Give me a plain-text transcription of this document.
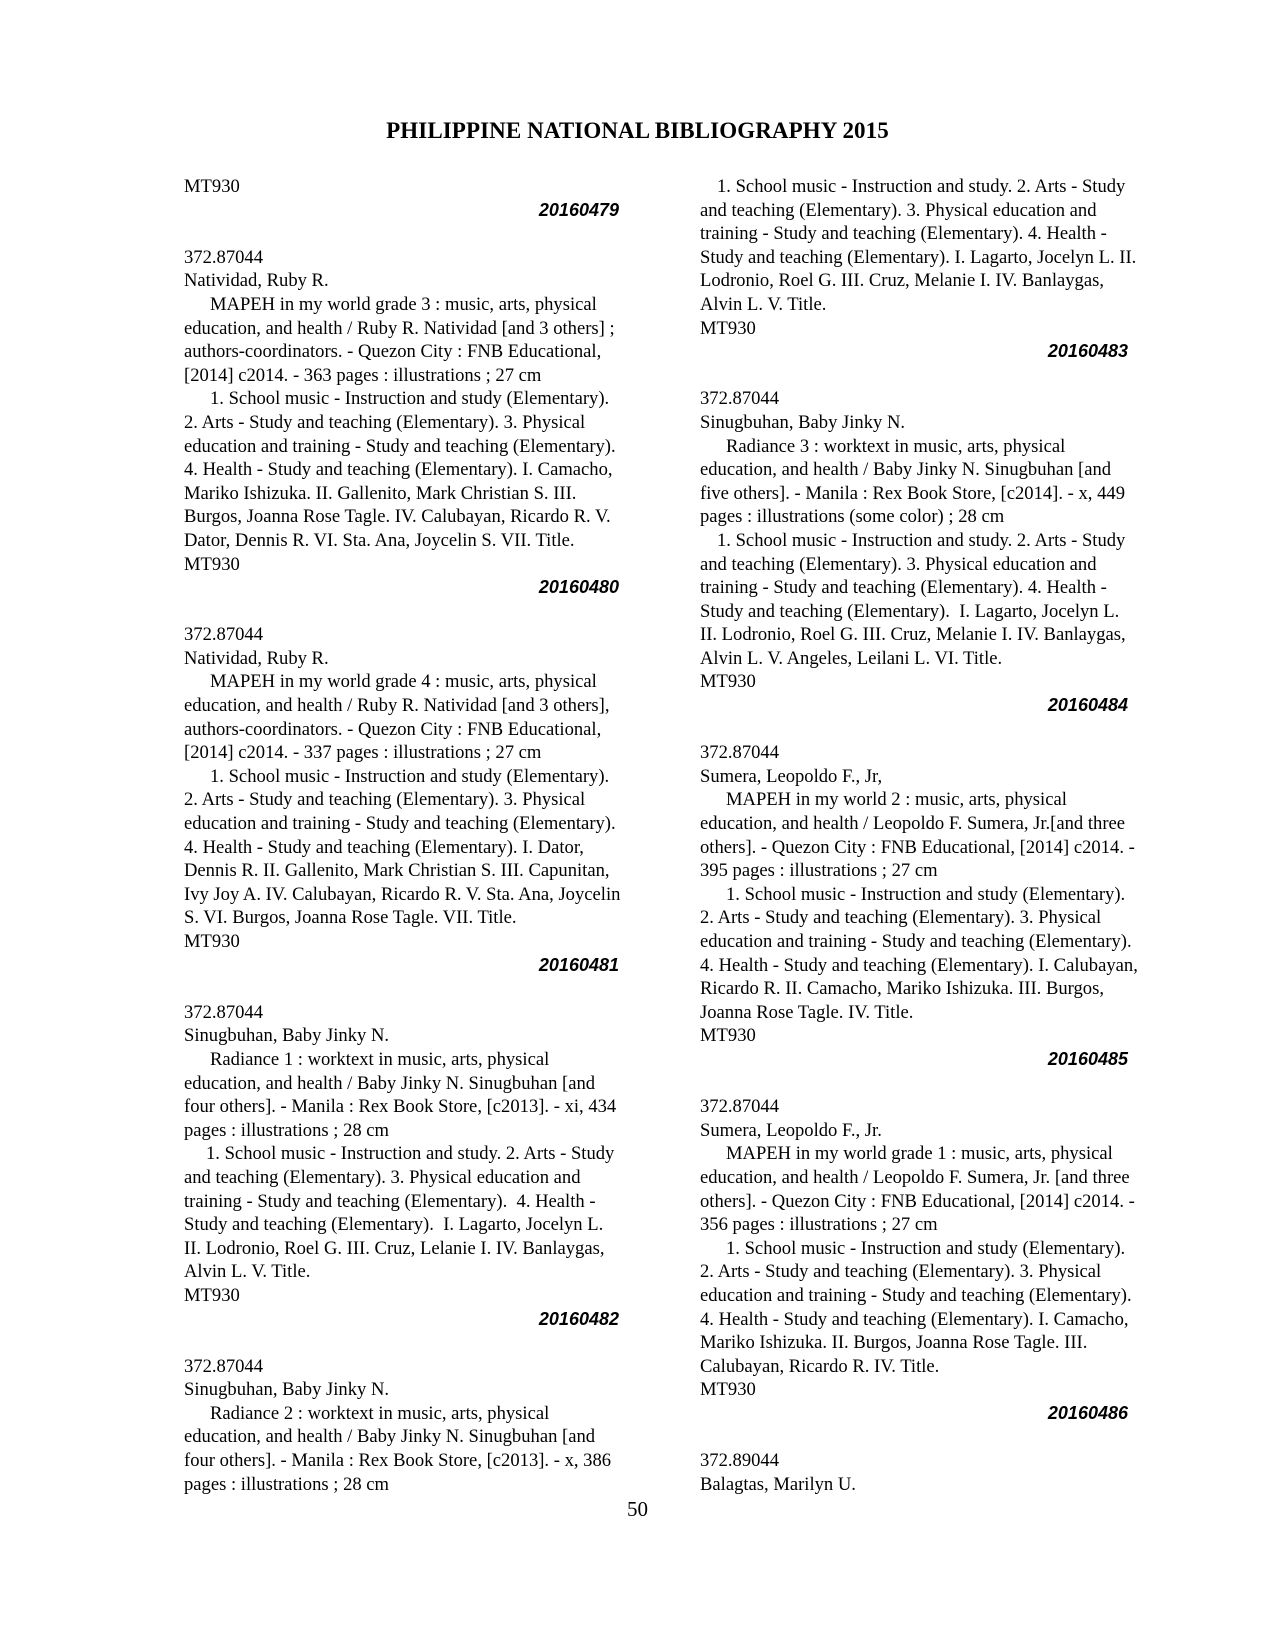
PHILIPPINE NATIONAL BIBLIOGRAPHY 2015
MT930
20160479
372.87044
Natividad, Ruby R.
MAPEH in my world grade 3 : music, arts, physical
education, and health / Ruby R. Natividad [and 3 others] ;
authors-coordinators. - Quezon City : FNB Educational,
[2014] c2014. - 363 pages : illustrations ; 27 cm
1. School music - Instruction and study (Elementary).
2. Arts - Study and teaching (Elementary). 3. Physical
education and training - Study and teaching (Elementary).
4. Health - Study and teaching (Elementary). I. Camacho,
Mariko Ishizuka. II. Gallenito, Mark Christian S. III.
Burgos, Joanna Rose Tagle. IV. Calubayan, Ricardo R. V.
Dator, Dennis R. VI. Sta. Ana, Joycelin S. VII. Title.
MT930
20160480
372.87044
Natividad, Ruby R.
MAPEH in my world grade 4 : music, arts, physical
education, and health / Ruby R. Natividad [and 3 others],
authors-coordinators. - Quezon City : FNB Educational,
[2014] c2014. - 337 pages : illustrations ; 27 cm
1. School music - Instruction and study (Elementary).
2. Arts - Study and teaching (Elementary). 3. Physical
education and training - Study and teaching (Elementary).
4. Health - Study and teaching (Elementary). I. Dator,
Dennis R. II. Gallenito, Mark Christian S. III. Capunitan,
Ivy Joy A. IV. Calubayan, Ricardo R. V. Sta. Ana, Joycelin
S. VI. Burgos, Joanna Rose Tagle. VII. Title.
MT930
20160481
372.87044
Sinugbuhan, Baby Jinky N.
Radiance 1 : worktext in music, arts, physical
education, and health / Baby Jinky N. Sinugbuhan [and
four others]. - Manila : Rex Book Store, [c2013]. - xi, 434
pages : illustrations ; 28 cm
1. School music - Instruction and study. 2. Arts - Study
and teaching (Elementary). 3. Physical education and
training - Study and teaching (Elementary).  4. Health -
Study and teaching (Elementary).  I. Lagarto, Jocelyn L.
II. Lodronio, Roel G. III. Cruz, Lelanie I. IV. Banlaygas,
Alvin L. V. Title.
MT930
20160482
372.87044
Sinugbuhan, Baby Jinky N.
Radiance 2 : worktext in music, arts, physical
education, and health / Baby Jinky N. Sinugbuhan [and
four others]. - Manila : Rex Book Store, [c2013]. - x, 386
pages : illustrations ; 28 cm
1. School music - Instruction and study. 2. Arts - Study
and teaching (Elementary). 3. Physical education and
training - Study and teaching (Elementary). 4. Health -
Study and teaching (Elementary). I. Lagarto, Jocelyn L. II.
Lodronio, Roel G. III. Cruz, Melanie I. IV. Banlaygas,
Alvin L. V. Title.
MT930
20160483
372.87044
Sinugbuhan, Baby Jinky N.
Radiance 3 : worktext in music, arts, physical
education, and health / Baby Jinky N. Sinugbuhan [and
five others]. - Manila : Rex Book Store, [c2014]. - x, 449
pages : illustrations (some color) ; 28 cm
1. School music - Instruction and study. 2. Arts - Study
and teaching (Elementary). 3. Physical education and
training - Study and teaching (Elementary). 4. Health -
Study and teaching (Elementary).  I. Lagarto, Jocelyn L.
II. Lodronio, Roel G. III. Cruz, Melanie I. IV. Banlaygas,
Alvin L. V. Angeles, Leilani L. VI. Title.
MT930
20160484
372.87044
Sumera, Leopoldo F., Jr,
MAPEH in my world 2 : music, arts, physical
education, and health / Leopoldo F. Sumera, Jr.[and three
others]. - Quezon City : FNB Educational, [2014] c2014. -
395 pages : illustrations ; 27 cm
1. School music - Instruction and study (Elementary).
2. Arts - Study and teaching (Elementary). 3. Physical
education and training - Study and teaching (Elementary).
4. Health - Study and teaching (Elementary). I. Calubayan,
Ricardo R. II. Camacho, Mariko Ishizuka. III. Burgos,
Joanna Rose Tagle. IV. Title.
MT930
20160485
372.87044
Sumera, Leopoldo F., Jr.
MAPEH in my world grade 1 : music, arts, physical
education, and health / Leopoldo F. Sumera, Jr. [and three
others]. - Quezon City : FNB Educational, [2014] c2014. -
356 pages : illustrations ; 27 cm
1. School music - Instruction and study (Elementary).
2. Arts - Study and teaching (Elementary). 3. Physical
education and training - Study and teaching (Elementary).
4. Health - Study and teaching (Elementary). I. Camacho,
Mariko Ishizuka. II. Burgos, Joanna Rose Tagle. III.
Calubayan, Ricardo R. IV. Title.
MT930
20160486
372.89044
Balagtas, Marilyn U.
50
